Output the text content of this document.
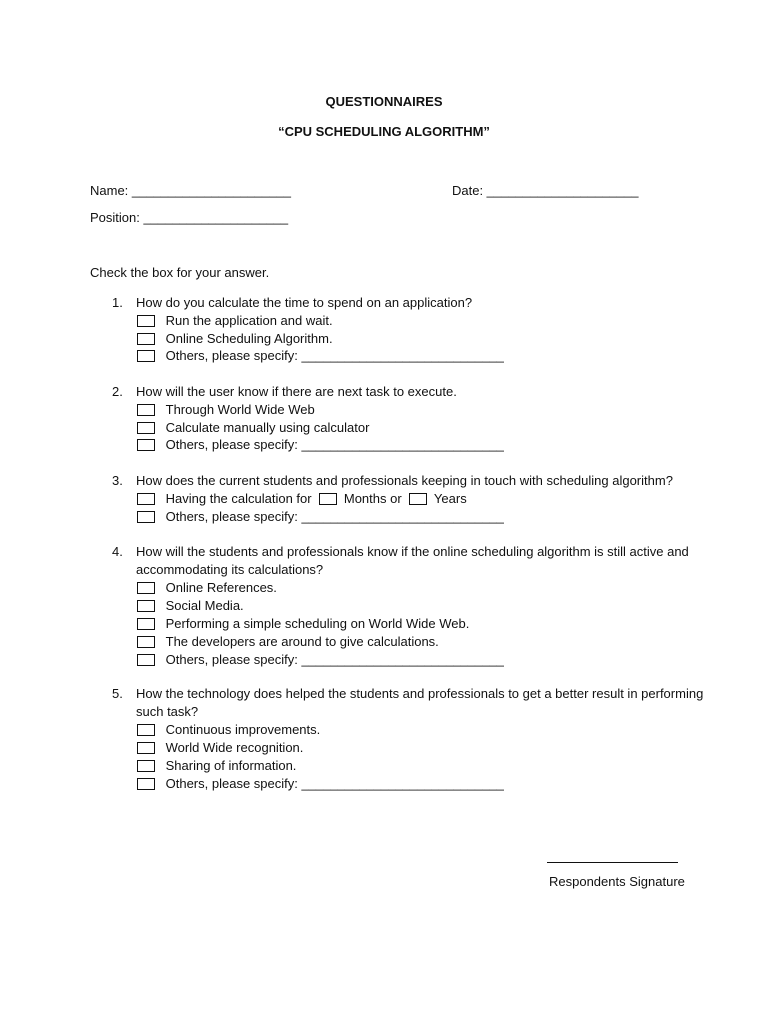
QUESTIONNAIRES
“CPU SCHEDULING ALGORITHM”
Name: ______________________	Date: _____________________
Position: ____________________
Check the box for your answer.
1. How do you calculate the time to spend on an application?
Run the application and wait.
Online Scheduling Algorithm.
Others, please specify: ____________________________
2. How will the user know if there are next task to execute.
Through World Wide Web
Calculate manually using calculator
Others, please specify: ____________________________
3. How does the current students and professionals keeping in touch with scheduling algorithm?
Having the calculation for Months or Years
Others, please specify: ____________________________
4. How will the students and professionals know if the online scheduling algorithm is still active and
accommodating its calculations?
Online References.
Social Media.
Performing a simple scheduling on World Wide Web.
The developers are around to give calculations.
Others, please specify: ____________________________
5. How the technology does helped the students and professionals to get a better result in performing
such task?
Continuous improvements.
World Wide recognition.
Sharing of information.
Others, please specify: ____________________________
Respondents Signature
